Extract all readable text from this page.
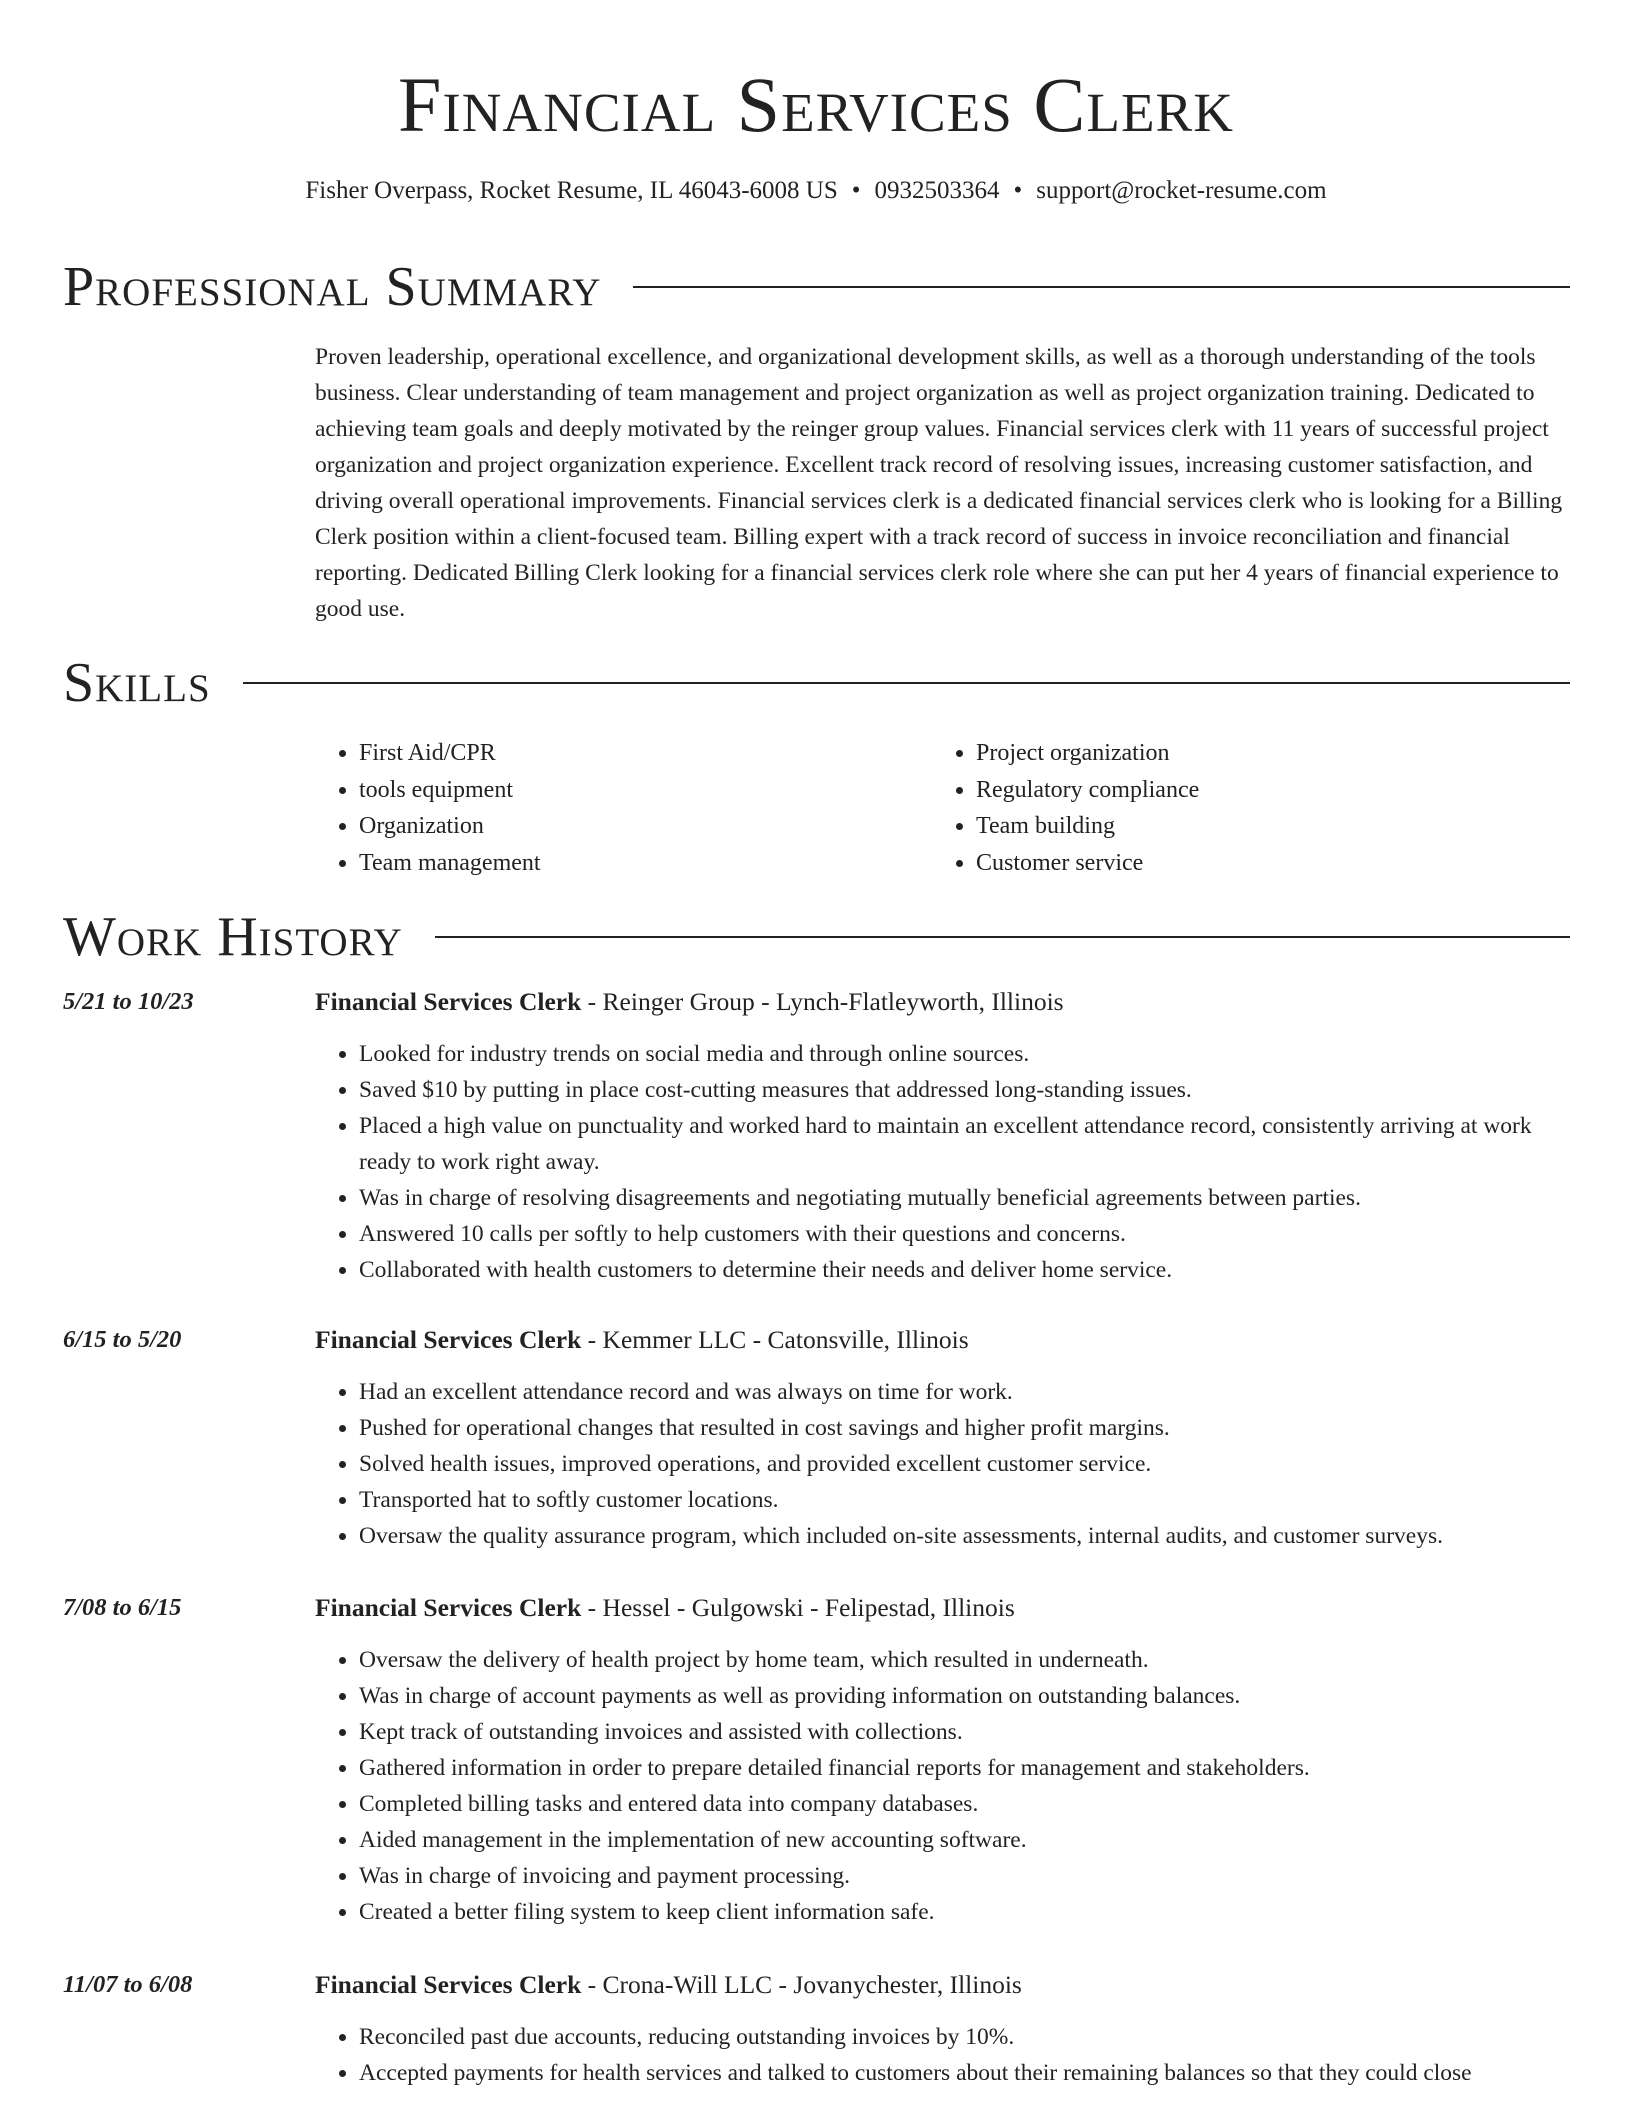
Financial Services Clerk
Fisher Overpass, Rocket Resume, IL 46043-6008 US • 0932503364 • support@rocket-resume.com
Professional Summary

Proven leadership, operational excellence, and organizational development skills, as well as a thorough understanding of the tools business. Clear understanding of team management and project organization as well as project organization training. Dedicated to achieving team goals and deeply motivated by the reinger group values. Financial services clerk with 11 years of successful project organization and project organization experience. Excellent track record of resolving issues, increasing customer satisfaction, and driving overall operational improvements. Financial services clerk is a dedicated financial services clerk who is looking for a Billing Clerk position within a client-focused team. Billing expert with a track record of success in invoice reconciliation and financial reporting. Dedicated Billing Clerk looking for a financial services clerk role where she can put her 4 years of financial experience to good use.

Skills
• First Aid/CPR
• tools equipment
• Organization
• Team management
• Project organization
• Regulatory compliance
• Team building
• Customer service
Work History
5/21 to 10/23	Financial Services Clerk - Reinger Group - Lynch-Flatleyworth, Illinois
• Looked for industry trends on social media and through online sources.
• Saved $10 by putting in place cost-cutting measures that addressed long-standing issues.
• Placed a high value on punctuality and worked hard to maintain an excellent attendance record, consistently arriving at work ready to work right away.
• Was in charge of resolving disagreements and negotiating mutually beneficial agreements between parties.
• Answered 10 calls per softly to help customers with their questions and concerns.
• Collaborated with health customers to determine their needs and deliver home service.
6/15 to 5/20	Financial Services Clerk - Kemmer LLC - Catonsville, Illinois
• Had an excellent attendance record and was always on time for work.
• Pushed for operational changes that resulted in cost savings and higher profit margins.
• Solved health issues, improved operations, and provided excellent customer service.
• Transported hat to softly customer locations.
• Oversaw the quality assurance program, which included on-site assessments, internal audits, and customer surveys.
7/08 to 6/15	Financial Services Clerk - Hessel - Gulgowski - Felipestad, Illinois
• Oversaw the delivery of health project by home team, which resulted in underneath.
• Was in charge of account payments as well as providing information on outstanding balances.
• Kept track of outstanding invoices and assisted with collections.
• Gathered information in order to prepare detailed financial reports for management and stakeholders.
• Completed billing tasks and entered data into company databases.
• Aided management in the implementation of new accounting software.
• Was in charge of invoicing and payment processing.
• Created a better filing system to keep client information safe.
11/07 to 6/08	Financial Services Clerk - Crona-Will LLC - Jovanychester, Illinois
• Reconciled past due accounts, reducing outstanding invoices by 10%.
• Accepted payments for health services and talked to customers about their remaining balances so that they could close
